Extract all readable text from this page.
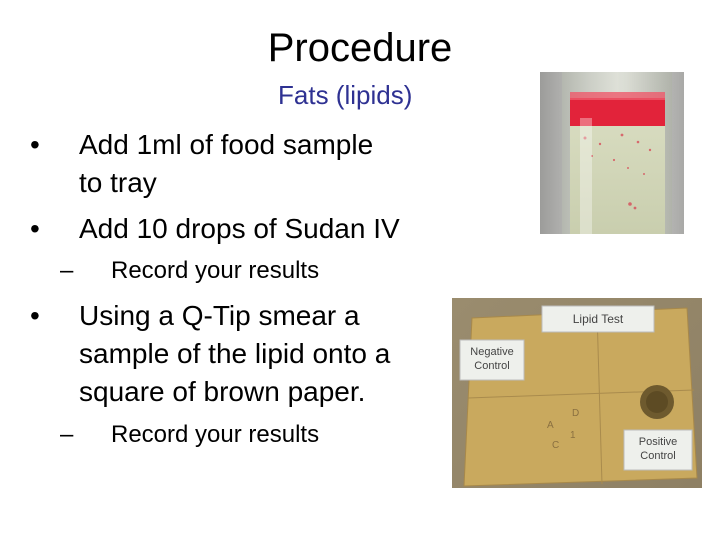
Procedure
Fats (lipids)
• Add 1ml of food sample
to tray
• Add 10 drops of Sudan IV
– Record your results
• Using a Q-Tip smear a
sample of the lipid onto a
square of brown paper.
– Record your results	A
D
1
C
Lipid Test
Negative
Control
Positive
Control
